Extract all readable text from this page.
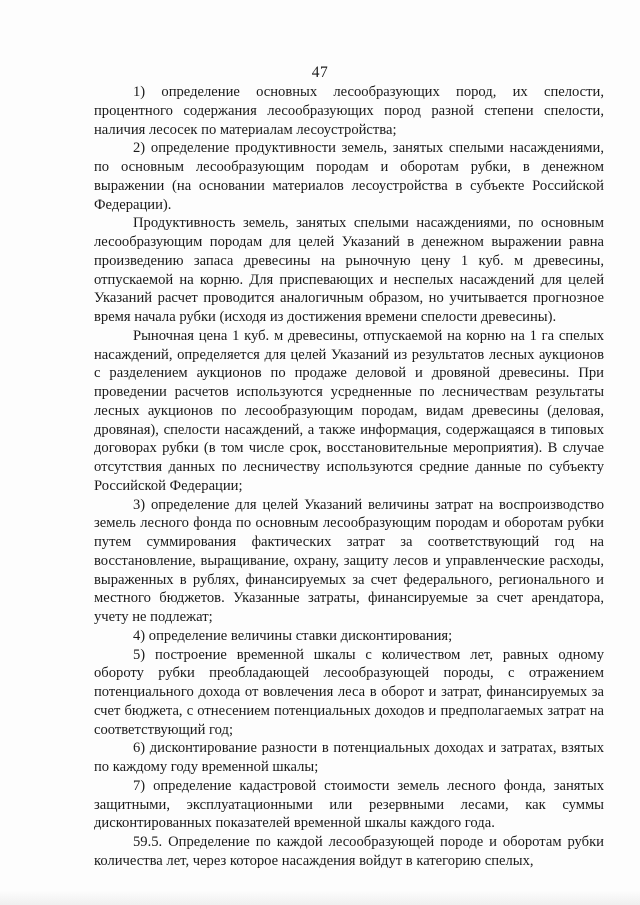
47

1) определение основных лесообразующих пород, их спелости, процентного содержания лесообразующих пород разной степени спелости, наличия лесосек по материалам лесоустройства;

2) определение продуктивности земель, занятых спелыми насаждениями, по основным лесообразующим породам и оборотам рубки, в денежном выражении (на основании материалов лесоустройства в субъекте Российской Федерации).

Продуктивность земель, занятых спелыми насаждениями, по основным лесообразующим породам для целей Указаний в денежном выражении равна произведению запаса древесины на рыночную цену 1 куб. м древесины, отпускаемой на корню. Для приспевающих и неспелых насаждений для целей Указаний расчет проводится аналогичным образом, но учитывается прогнозное время начала рубки (исходя из достижения времени спелости древесины).

Рыночная цена 1 куб. м древесины, отпускаемой на корню на 1 га спелых насаждений, определяется для целей Указаний из результатов лесных аукционов с разделением аукционов по продаже деловой и дровяной древесины. При проведении расчетов используются усредненные по лесничествам результаты лесных аукционов по лесообразующим породам, видам древесины (деловая, дровяная), спелости насаждений, а также информация, содержащаяся в типовых договорах рубки (в том числе срок, восстановительные мероприятия). В случае отсутствия данных по лесничеству используются средние данные по субъекту Российской Федерации;

3) определение для целей Указаний величины затрат на воспроизводство земель лесного фонда по основным лесообразующим породам и оборотам рубки путем суммирования фактических затрат за соответствующий год на восстановление, выращивание, охрану, защиту лесов и управленческие расходы, выраженных в рублях, финансируемых за счет федерального, регионального и местного бюджетов. Указанные затраты, финансируемые за счет арендатора, учету не подлежат;

4) определение величины ставки дисконтирования;

5) построение временной шкалы с количеством лет, равных одному обороту рубки преобладающей лесообразующей породы, с отражением потенциального дохода от вовлечения леса в оборот и затрат, финансируемых за счет бюджета, с отнесением потенциальных доходов и предполагаемых затрат на соответствующий год;

6) дисконтирование разности в потенциальных доходах и затратах, взятых по каждому году временной шкалы;

7) определение кадастровой стоимости земель лесного фонда, занятых защитными, эксплуатационными или резервными лесами, как суммы дисконтированных показателей временной шкалы каждого года.

59.5. Определение по каждой лесообразующей породе и оборотам рубки количества лет, через которое насаждения войдут в категорию спелых,
